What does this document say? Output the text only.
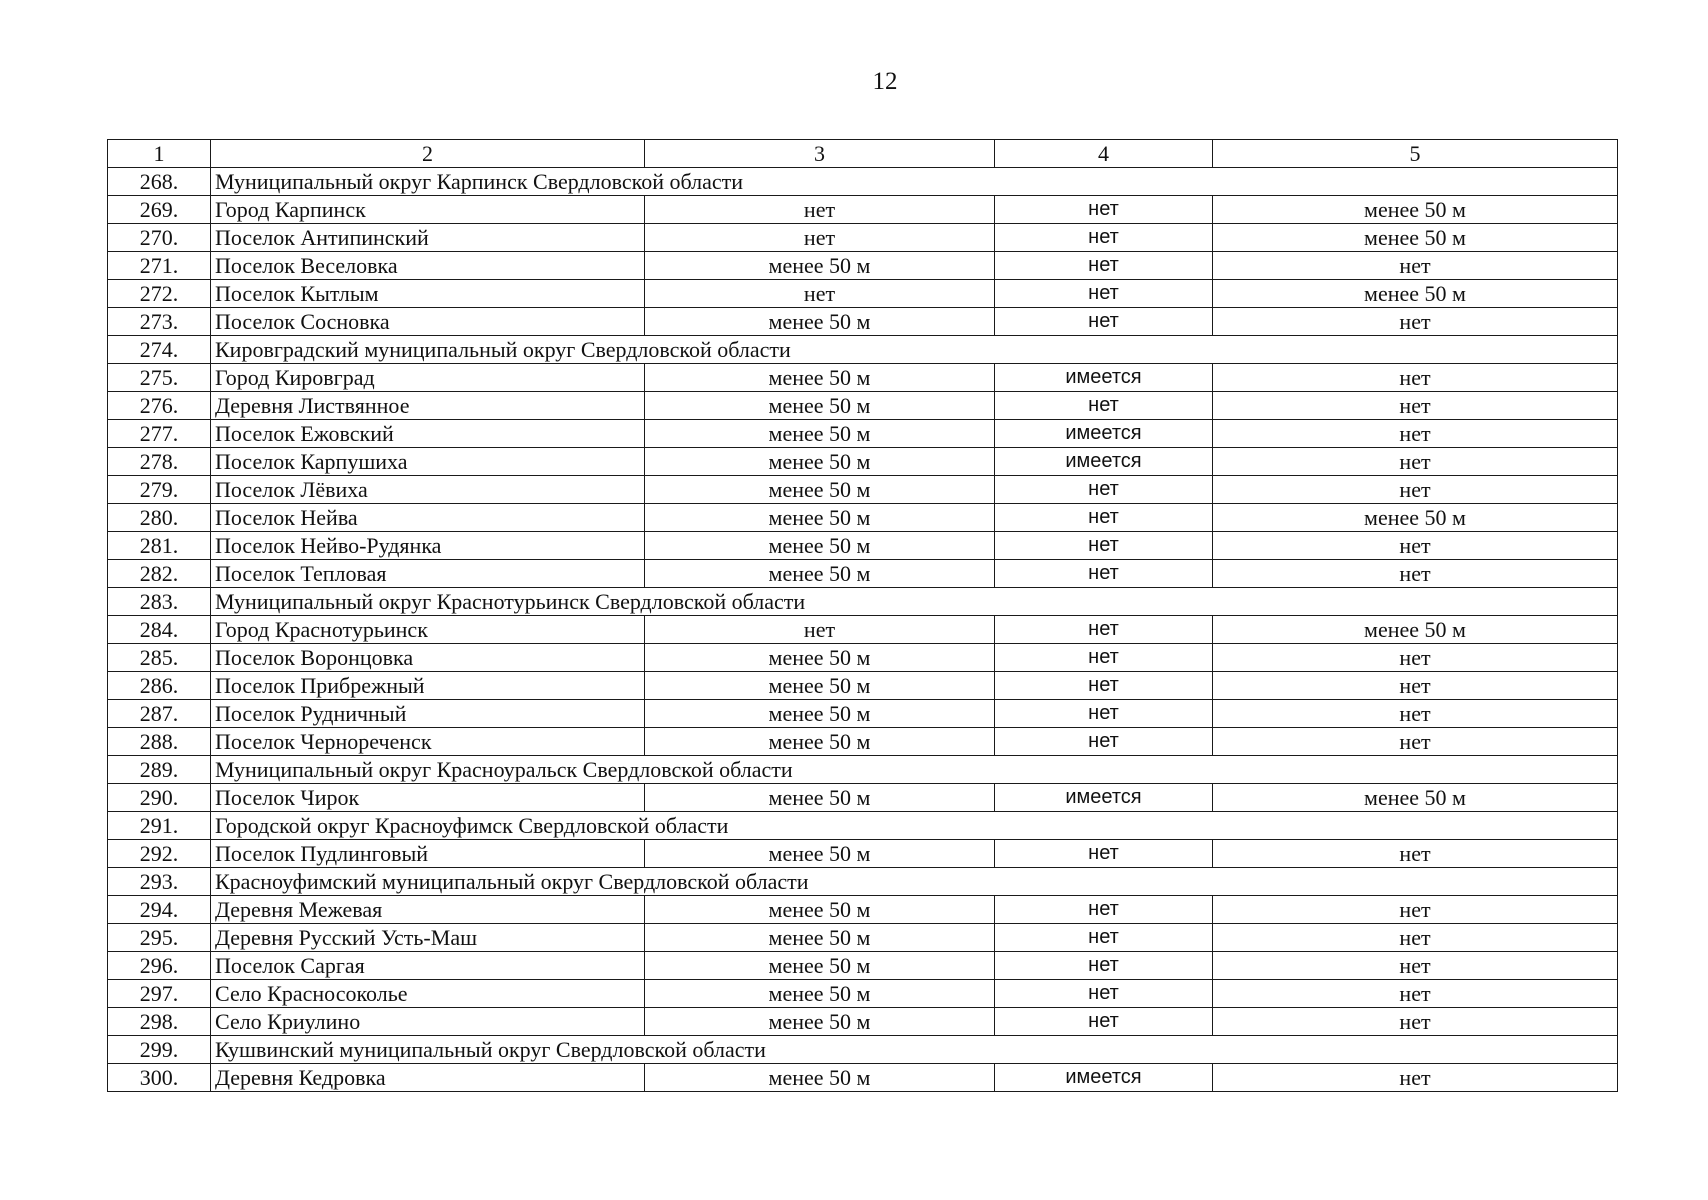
12
1	2	3	4	5
268.	Муниципальный округ Карпинск Свердловской области			
269.	Город Карпинск	нет	нет	менее 50 м
270.	Поселок Антипинский	нет	нет	менее 50 м
271.	Поселок Веселовка	менее 50 м	нет	нет
272.	Поселок Кытлым	нет	нет	менее 50 м
273.	Поселок Сосновка	менее 50 м	нет	нет
274.	Кировградский муниципальный округ Свердловской области			
275.	Город Кировград	менее 50 м	имеется	нет
276.	Деревня Листвянное	менее 50 м	нет	нет
277.	Поселок Ежовский	менее 50 м	имеется	нет
278.	Поселок Карпушиха	менее 50 м	имеется	нет
279.	Поселок Лёвиха	менее 50 м	нет	нет
280.	Поселок Нейва	менее 50 м	нет	менее 50 м
281.	Поселок Нейво-Рудянка	менее 50 м	нет	нет
282.	Поселок Тепловая	менее 50 м	нет	нет
283.	Муниципальный округ Краснотурьинск Свердловской области			
284.	Город Краснотурьинск	нет	нет	менее 50 м
285.	Поселок Воронцовка	менее 50 м	нет	нет
286.	Поселок Прибрежный	менее 50 м	нет	нет
287.	Поселок Рудничный	менее 50 м	нет	нет
288.	Поселок Чернореченск	менее 50 м	нет	нет
289.	Муниципальный округ Красноуральск Свердловской области			
290.	Поселок Чирок	менее 50 м	имеется	менее 50 м
291.	Городской округ Красноуфимск Свердловской области			
292.	Поселок Пудлинговый	менее 50 м	нет	нет
293.	Красноуфимский муниципальный округ Свердловской области			
294.	Деревня Межевая	менее 50 м	нет	нет
295.	Деревня Русский Усть-Маш	менее 50 м	нет	нет
296.	Поселок Саргая	менее 50 м	нет	нет
297.	Село Красносоколье	менее 50 м	нет	нет
298.	Село Криулино	менее 50 м	нет	нет
299.	Кушвинский муниципальный округ Свердловской области			
300.	Деревня Кедровка	менее 50 м	имеется	нет
